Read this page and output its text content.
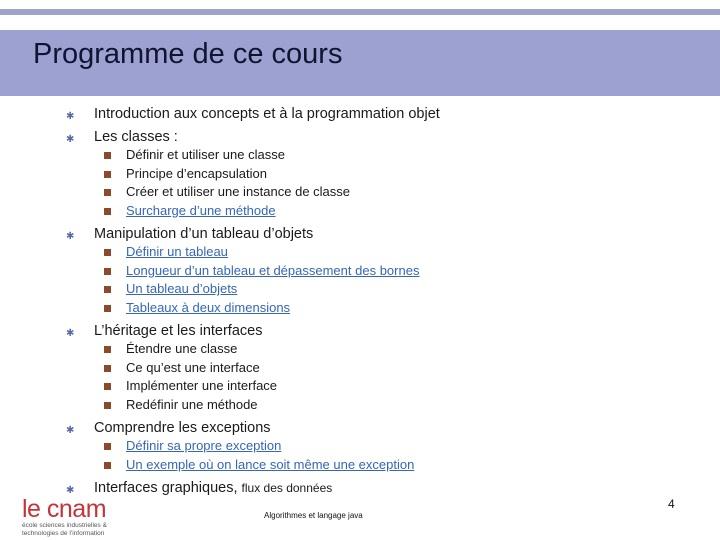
Programme de ce cours
✱ Introduction aux concepts et à la programmation objet
✱ Les classes :
Définir et utiliser une classe
Principe d’encapsulation
Créer et utiliser une instance de classe
Surcharge d’une méthode
✱ Manipulation d’un tableau d’objets
Définir un tableau
Longueur d’un tableau et dépassement des bornes
Un tableau d’objets
Tableaux à deux dimensions
✱ L’héritage et les interfaces
Étendre une classe
Ce qu’est une interface
Implémenter une interface
Redéfinir une méthode
✱ Comprendre les exceptions
Définir sa propre exception
Un exemple où on lance soit même une exception
✱ Interfaces graphiques, flux des données
le cnam
école sciences industrielles &
technologies de l’information
Algorithmes et langage java
4
